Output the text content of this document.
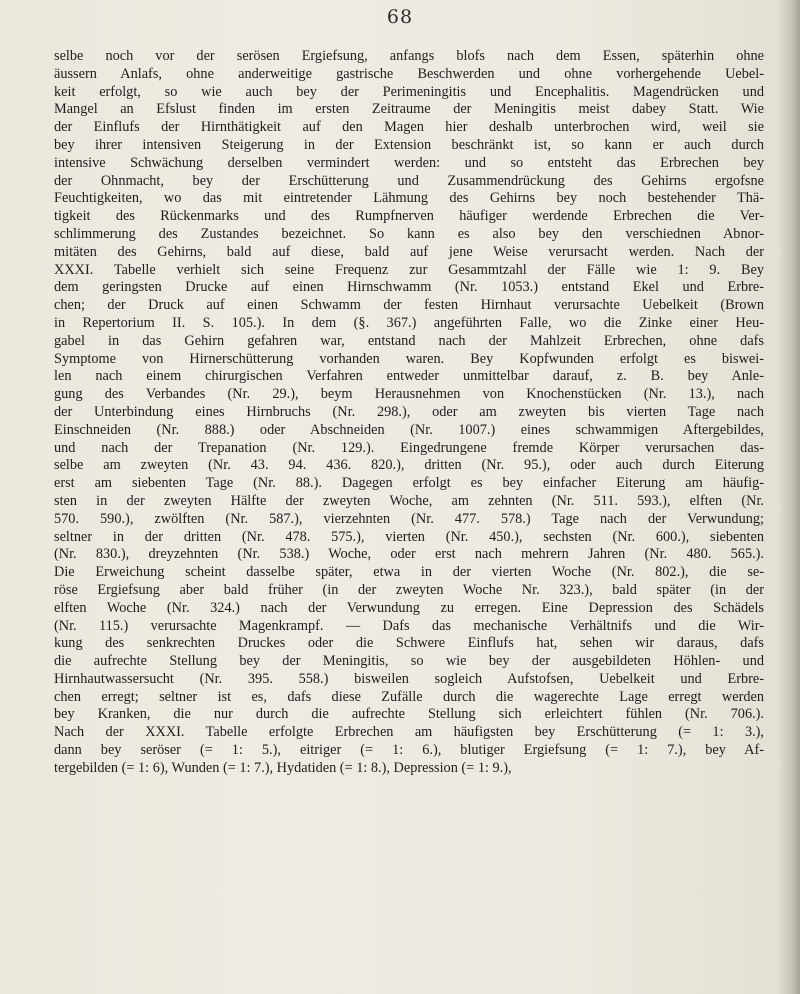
68
selbe noch vor der serösen Ergiefsung, anfangs blofs nach dem Essen, späterhin ohne
äussern Anlafs, ohne anderweitige gastrische Beschwerden und ohne vorhergehende Uebel-
keit erfolgt, so wie auch bey der Perimeningitis und Encephalitis. Magendrücken und
Mangel an Efslust finden im ersten Zeitraume der Meningitis meist dabey Statt. Wie
der Einflufs der Hirnthätigkeit auf den Magen hier deshalb unterbrochen wird, weil sie
bey ihrer intensiven Steigerung in der Extension beschränkt ist, so kann er auch durch
intensive Schwächung derselben vermindert werden: und so entsteht das Erbrechen bey
der Ohnmacht, bey der Erschütterung und Zusammendrückung des Gehirns ergofsne
Feuchtigkeiten, wo das mit eintretender Lähmung des Gehirns bey noch bestehender Thä-
tigkeit des Rückenmarks und des Rumpfnerven häufiger werdende Erbrechen die Ver-
schlimmerung des Zustandes bezeichnet. So kann es also bey den verschiednen Abnor-
mitäten des Gehirns, bald auf diese, bald auf jene Weise verursacht werden. Nach der
XXXI. Tabelle verhielt sich seine Frequenz zur Gesammtzahl der Fälle wie 1: 9. Bey
dem geringsten Drucke auf einen Hirnschwamm (Nr. 1053.) entstand Ekel und Erbre-
chen; der Druck auf einen Schwamm der festen Hirnhaut verursachte Uebelkeit (Brown
in Repertorium II. S. 105.). In dem (§. 367.) angeführten Falle, wo die Zinke einer Heu-
gabel in das Gehirn gefahren war, entstand nach der Mahlzeit Erbrechen, ohne dafs
Symptome von Hirnerschütterung vorhanden waren. Bey Kopfwunden erfolgt es biswei-
len nach einem chirurgischen Verfahren entweder unmittelbar darauf, z. B. bey Anle-
gung des Verbandes (Nr. 29.), beym Herausnehmen von Knochenstücken (Nr. 13.), nach
der Unterbindung eines Hirnbruchs (Nr. 298.), oder am zweyten bis vierten Tage nach
Einschneiden (Nr. 888.) oder Abschneiden (Nr. 1007.) eines schwammigen Aftergebildes,
und nach der Trepanation (Nr. 129.). Eingedrungene fremde Körper verursachen das-
selbe am zweyten (Nr. 43. 94. 436. 820.), dritten (Nr. 95.), oder auch durch Eiterung
erst am siebenten Tage (Nr. 88.). Dagegen erfolgt es bey einfacher Eiterung am häufig-
sten in der zweyten Hälfte der zweyten Woche, am zehnten (Nr. 511. 593.), elften (Nr.
570. 590.), zwölften (Nr. 587.), vierzehnten (Nr. 477. 578.) Tage nach der Verwundung;
seltner in der dritten (Nr. 478. 575.), vierten (Nr. 450.), sechsten (Nr. 600.), siebenten
(Nr. 830.), dreyzehnten (Nr. 538.) Woche, oder erst nach mehrern Jahren (Nr. 480. 565.).
Die Erweichung scheint dasselbe später, etwa in der vierten Woche (Nr. 802.), die se-
röse Ergiefsung aber bald früher (in der zweyten Woche Nr. 323.), bald später (in der
elften Woche (Nr. 324.) nach der Verwundung zu erregen. Eine Depression des Schädels
(Nr. 115.) verursachte Magenkrampf. — Dafs das mechanische Verhältnifs und die Wir-
kung des senkrechten Druckes oder die Schwere Einflufs hat, sehen wir daraus, dafs
die aufrechte Stellung bey der Meningitis, so wie bey der ausgebildeten Höhlen- und
Hirnhautwassersucht (Nr. 395. 558.) bisweilen sogleich Aufstofsen, Uebelkeit und Erbre-
chen erregt; seltner ist es, dafs diese Zufälle durch die wagerechte Lage erregt werden
bey Kranken, die nur durch die aufrechte Stellung sich erleichtert fühlen (Nr. 706.).
Nach der XXXI. Tabelle erfolgte Erbrechen am häufigsten bey Erschütterung (= 1: 3.),
dann bey seröser (= 1: 5.), eitriger (= 1: 6.), blutiger Ergiefsung (= 1: 7.), bey Af-
tergebilden (= 1: 6), Wunden (= 1: 7.), Hydatiden (= 1: 8.), Depression (= 1: 9.),
